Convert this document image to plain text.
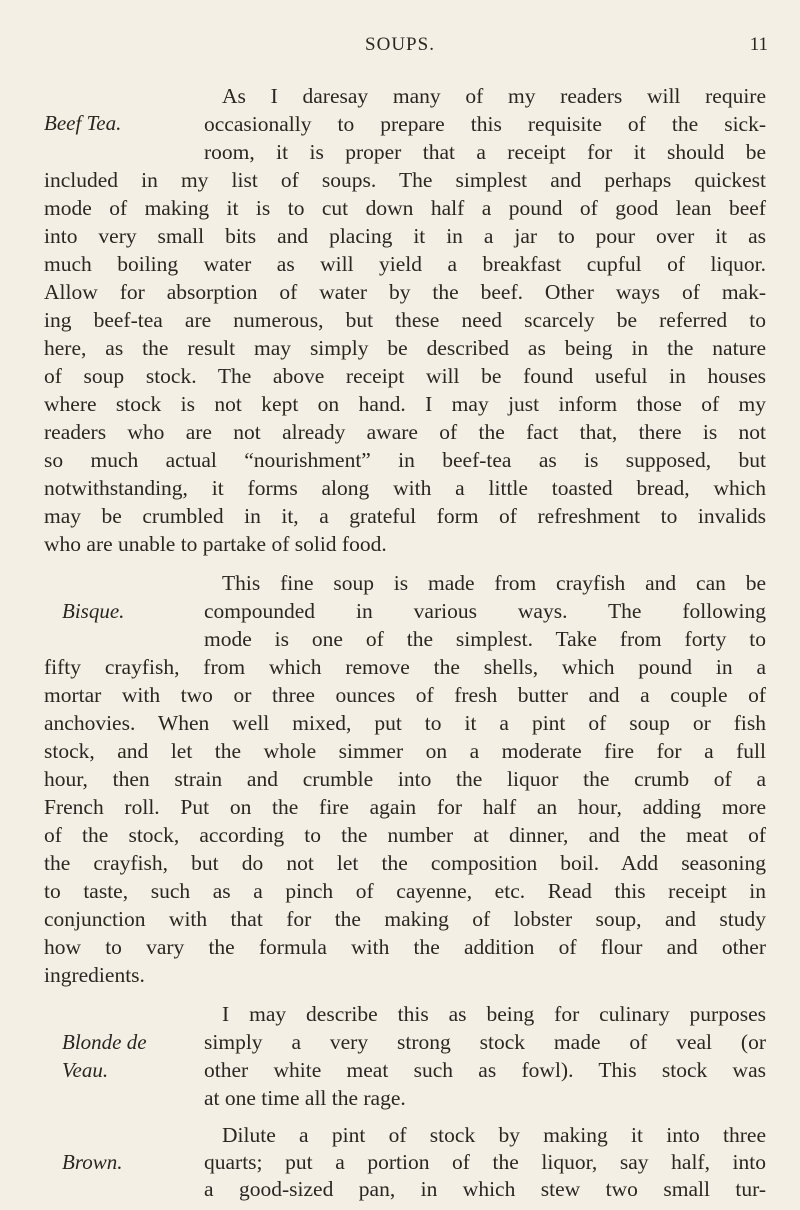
SOUPS.	11
Beef Tea.
As I daresay many of my readers will require
occasionally to prepare this requisite of the sick-
room, it is proper that a receipt for it should be
included in my list of soups. The simplest and perhaps quickest
mode of making it is to cut down half a pound of good lean beef
into very small bits and placing it in a jar to pour over it as
much boiling water as will yield a breakfast cupful of liquor.
Allow for absorption of water by the beef. Other ways of mak-
ing beef-tea are numerous, but these need scarcely be referred to
here, as the result may simply be described as being in the nature
of soup stock. The above receipt will be found useful in houses
where stock is not kept on hand. I may just inform those of my
readers who are not already aware of the fact that, there is not
so much actual “nourishment” in beef-tea as is supposed, but
notwithstanding, it forms along with a little toasted bread, which
may be crumbled in it, a grateful form of refreshment to invalids
who are unable to partake of solid food.
Bisque.
This fine soup is made from crayfish and can be
compounded in various ways. The following
mode is one of the simplest. Take from forty to
fifty crayfish, from which remove the shells, which pound in a
mortar with two or three ounces of fresh butter and a couple of
anchovies. When well mixed, put to it a pint of soup or fish
stock, and let the whole simmer on a moderate fire for a full
hour, then strain and crumble into the liquor the crumb of a
French roll. Put on the fire again for half an hour, adding more
of the stock, according to the number at dinner, and the meat of
the crayfish, but do not let the composition boil. Add seasoning
to taste, such as a pinch of cayenne, etc. Read this receipt in
conjunction with that for the making of lobster soup, and study
how to vary the formula with the addition of flour and other
ingredients.
Blonde de
Veau.
I may describe this as being for culinary purposes
simply a very strong stock made of veal (or
other white meat such as fowl). This stock was
at one time all the rage.
Brown.
Dilute a pint of stock by making it into three
quarts; put a portion of the liquor, say half, into
a good-sized pan, in which stew two small tur-
